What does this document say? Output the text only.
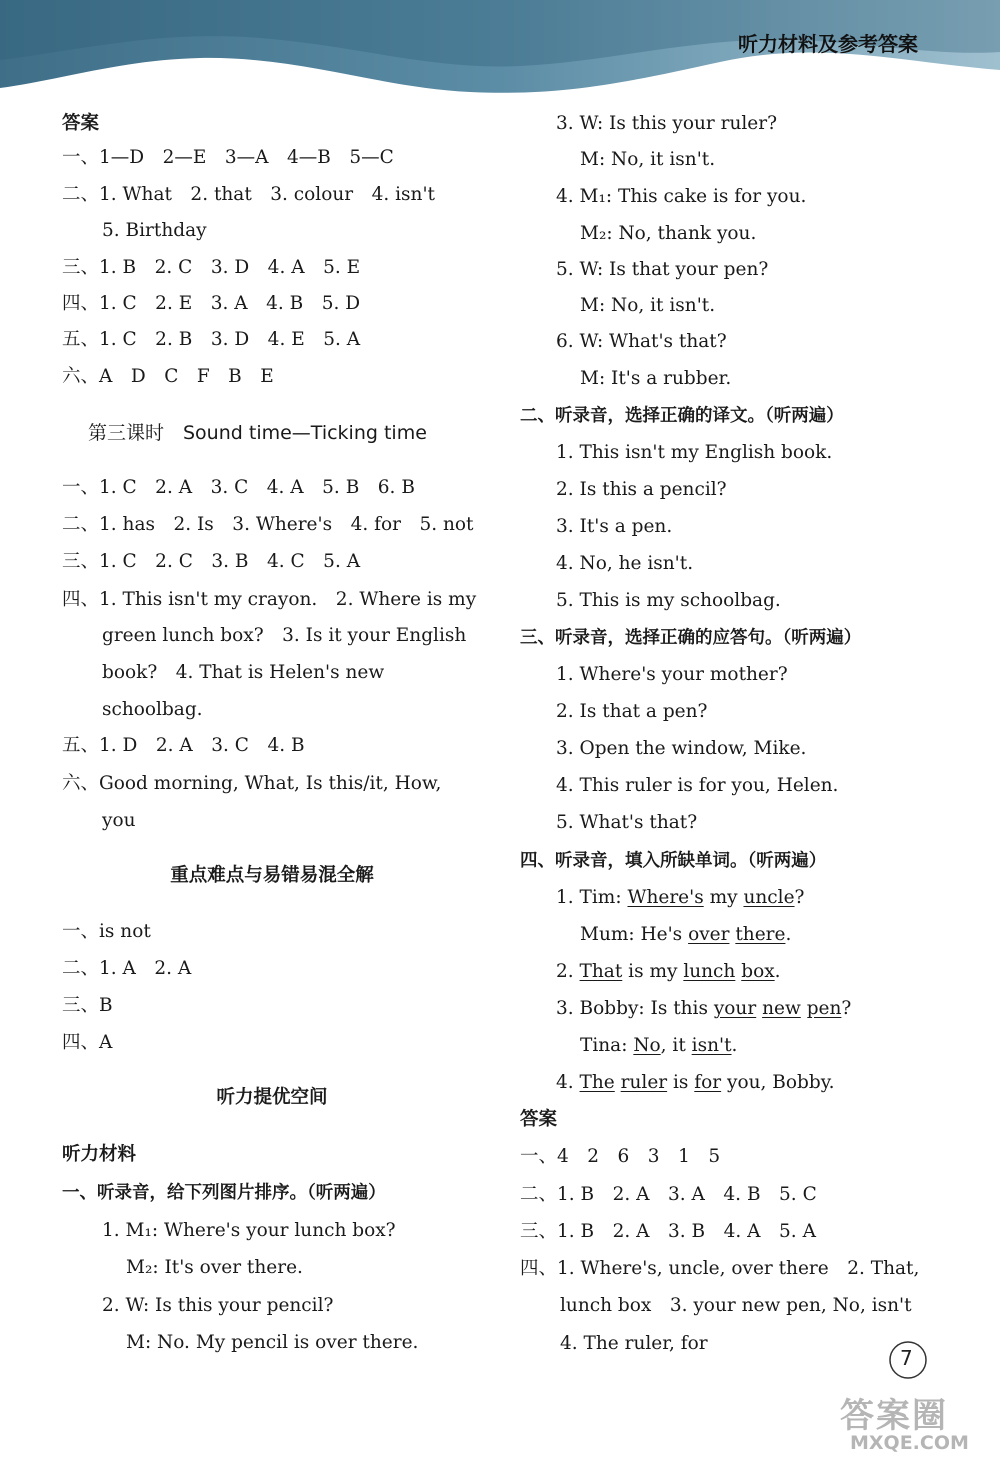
听力材料及参考答案
答案
一、1—D　2—E　3—A　4—B　5—C
二、1. What　2. that　3. colour　4. isn't
5. Birthday
三、1. B　2. C　3. D　4. A　5. E
四、1. C　2. E　3. A　4. B　5. D
五、1. C　2. B　3. D　4. E　5. A
六、A　D　C　F　B　E
第三课时　Sound time—Ticking time
一、1. C　2. A　3. C　4. A　5. B　6. B
二、1. has　2. Is　3. Where's　4. for　5. not
三、1. C　2. C　3. B　4. C　5. A
四、1. This isn't my crayon.　2. Where is my
green lunch box?　3. Is it your English
book?　4. That is Helen's new
schoolbag.
五、1. D　2. A　3. C　4. B
六、Good morning, What, Is this/it, How,
you
重点难点与易错易混全解
一、is not
二、1. A　2. A
三、B
四、A
听力提优空间
听力材料
一、听录音，给下列图片排序。（听两遍）
1. M₁: Where's your lunch box?
M₂: It's over there.
2. W: Is this your pencil?
M: No. My pencil is over there.
3. W: Is this your ruler?
M: No, it isn't.
4. M₁: This cake is for you.
M₂: No, thank you.
5. W: Is that your pen?
M: No, it isn't.
6. W: What's that?
M: It's a rubber.
二、听录音，选择正确的译文。（听两遍）
1. This isn't my English book.
2. Is this a pencil?
3. It's a pen.
4. No, he isn't.
5. This is my schoolbag.
三、听录音，选择正确的应答句。（听两遍）
1. Where's your mother?
2. Is that a pen?
3. Open the window, Mike.
4. This ruler is for you, Helen.
5. What's that?
四、听录音，填入所缺单词。（听两遍）
1. Tim: Where's my uncle?
Mum: He's over there.
2. That is my lunch box.
3. Bobby: Is this your new pen?
Tina: No, it isn't.
4. The ruler is for you, Bobby.
答案
一、4　2　6　3　1　5
二、1. B　2. A　3. A　4. B　5. C
三、1. B　2. A　3. B　4. A　5. A
四、1. Where's, uncle, over there　2. That,
lunch box　3. your new pen, No, isn't
4. The ruler, for
7
答案圈
MXQE.COM
